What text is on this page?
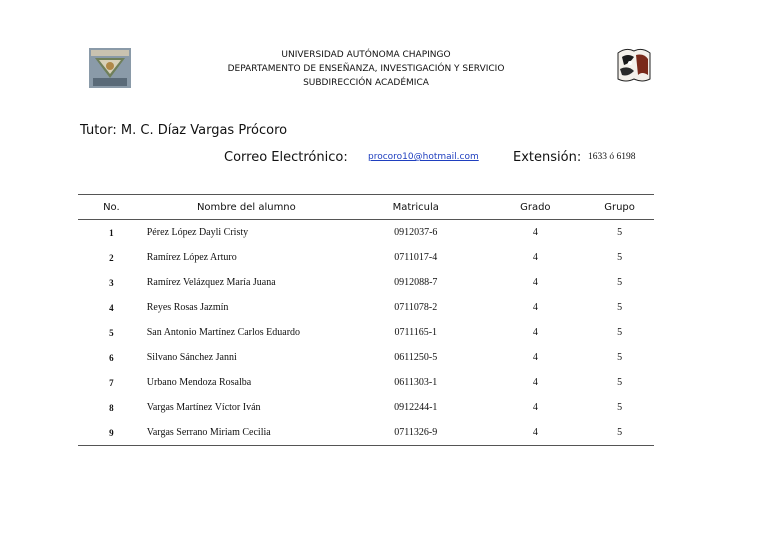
UNIVERSIDAD AUTÓNOMA CHAPINGO
DEPARTAMENTO DE ENSEÑANZA, INVESTIGACIÓN Y SERVICIO
SUBDIRECCIÓN ACADÉMICA
Tutor: M. C. Díaz Vargas Prócoro
Correo Electrónico: procoro10@hotmail.com	Extensión: 1633 ó 6198
No.	Nombre del alumno	Matricula	Grado	Grupo
1	Pérez López Dayli Cristy	0912037-6	4	5
2	Ramírez López Arturo	0711017-4	4	5
3	Ramírez Velázquez María Juana	0912088-7	4	5
4	Reyes Rosas Jazmín	0711078-2	4	5
5	San Antonio Martínez Carlos Eduardo	0711165-1	4	5
6	Silvano Sánchez Janni	0611250-5	4	5
7	Urbano Mendoza Rosalba	0611303-1	4	5
8	Vargas Martínez Víctor Iván	0912244-1	4	5
9	Vargas Serrano Miriam Cecilia	0711326-9	4	5
